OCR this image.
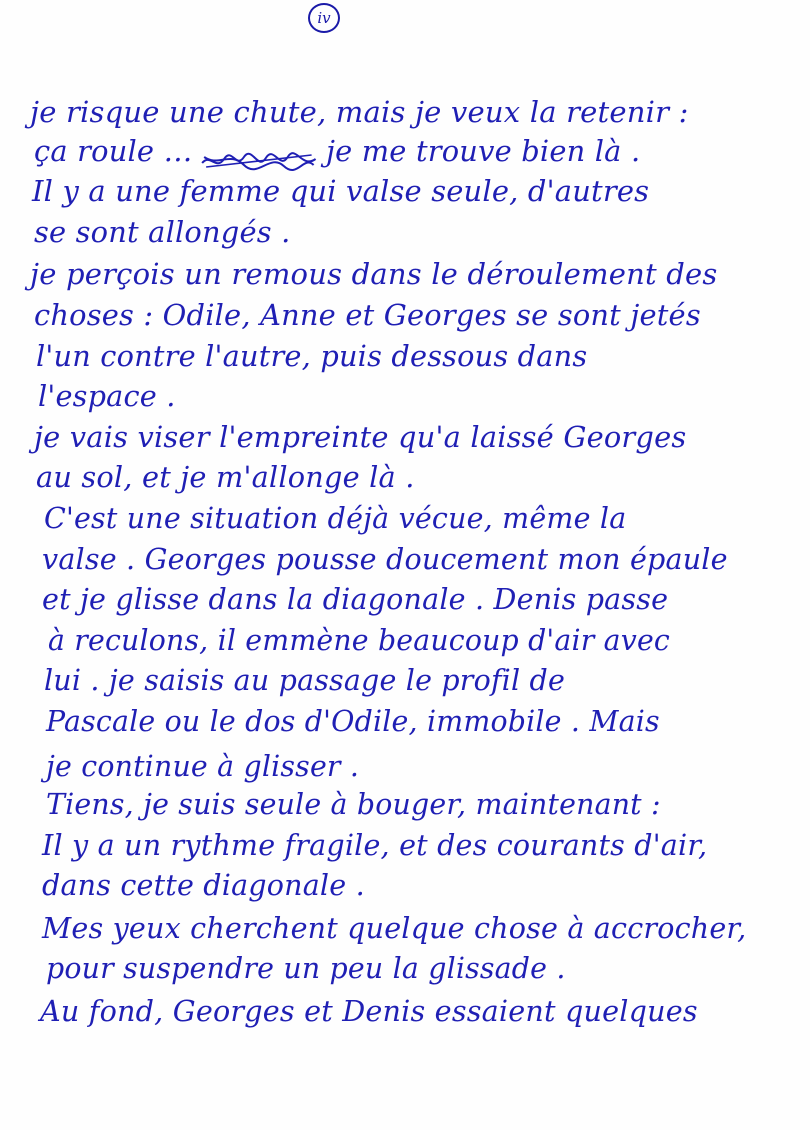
iv
je risque une chute, mais je veux la retenir :
ça roule …	je me trouve bien là .
Il y a une femme qui valse seule, d'autres
se sont allongés .
je perçois un remous dans le déroulement des
choses : Odile, Anne et Georges se sont jetés
l'un contre l'autre, puis dessous dans
l'espace .
je vais viser l'empreinte qu'a laissé Georges
au sol, et je m'allonge là .
C'est une situation déjà vécue, même la
valse . Georges pousse doucement mon épaule
et je glisse dans la diagonale . Denis passe
à reculons, il emmène beaucoup d'air avec
lui . je saisis au passage le profil de
Pascale ou le dos d'Odile, immobile . Mais
je continue à glisser .
Tiens, je suis seule à bouger, maintenant :
Il y a un rythme fragile, et des courants d'air,
dans cette diagonale .
Mes yeux cherchent quelque chose à accrocher,
pour suspendre un peu la glissade .
Au fond, Georges et Denis essaient quelques
